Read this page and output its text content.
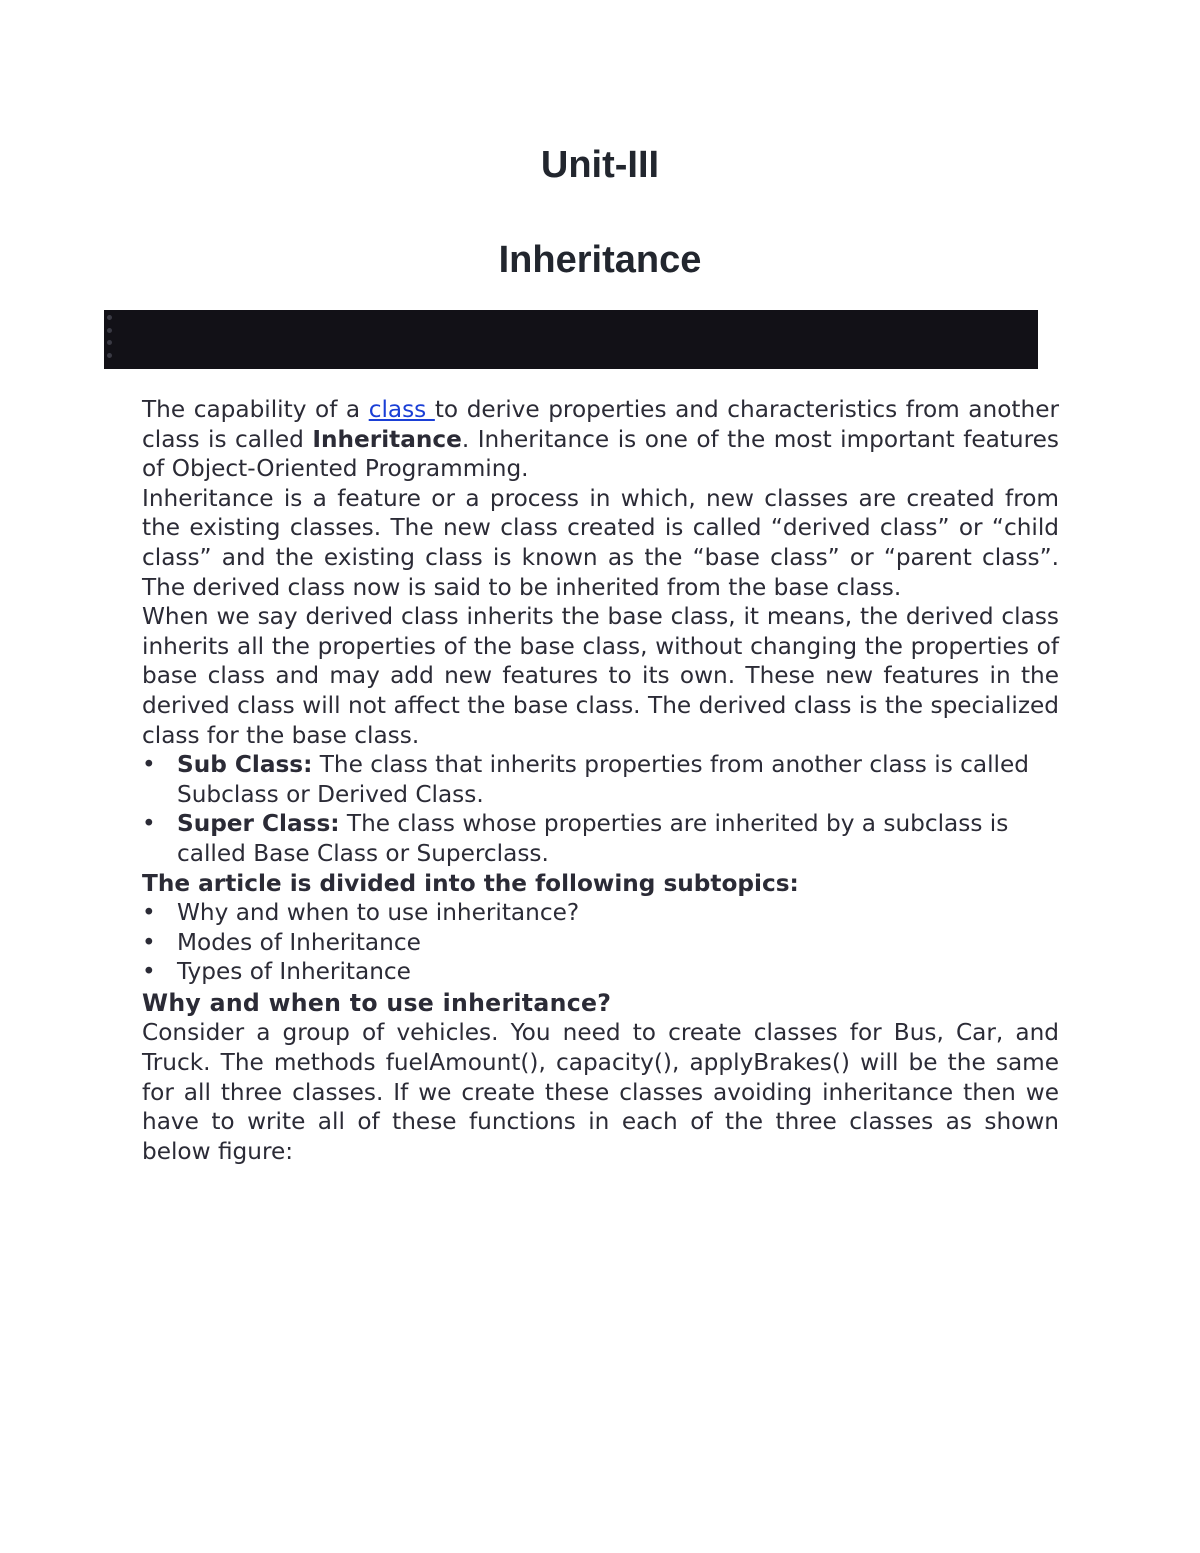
Unit-III
Inheritance

The capability of a class to derive properties and characteristics from another class is called Inheritance. Inheritance is one of the most important features of Object-Oriented Programming.

Inheritance is a feature or a process in which, new classes are created from the existing classes. The new class created is called “derived class” or “child class” and the existing class is known as the “base class” or “parent class”. The derived class now is said to be inherited from the base class.

When we say derived class inherits the base class, it means, the derived class inherits all the properties of the base class, without changing the properties of base class and may add new features to its own. These new features in the derived class will not affect the base class. The derived class is the specialized class for the base class.

• Sub Class: The class that inherits properties from another class is called Subclass or Derived Class.
• Super Class: The class whose properties are inherited by a subclass is called Base Class or Superclass.
The article is divided into the following subtopics:
• Why and when to use inheritance?
• Modes of Inheritance
• Types of Inheritance
Why and when to use inheritance?

Consider a group of vehicles. You need to create classes for Bus, Car, and Truck. The methods fuelAmount(), capacity(), applyBrakes() will be the same for all three classes. If we create these classes avoiding inheritance then we have to write all of these functions in each of the three classes as shown below figure:
